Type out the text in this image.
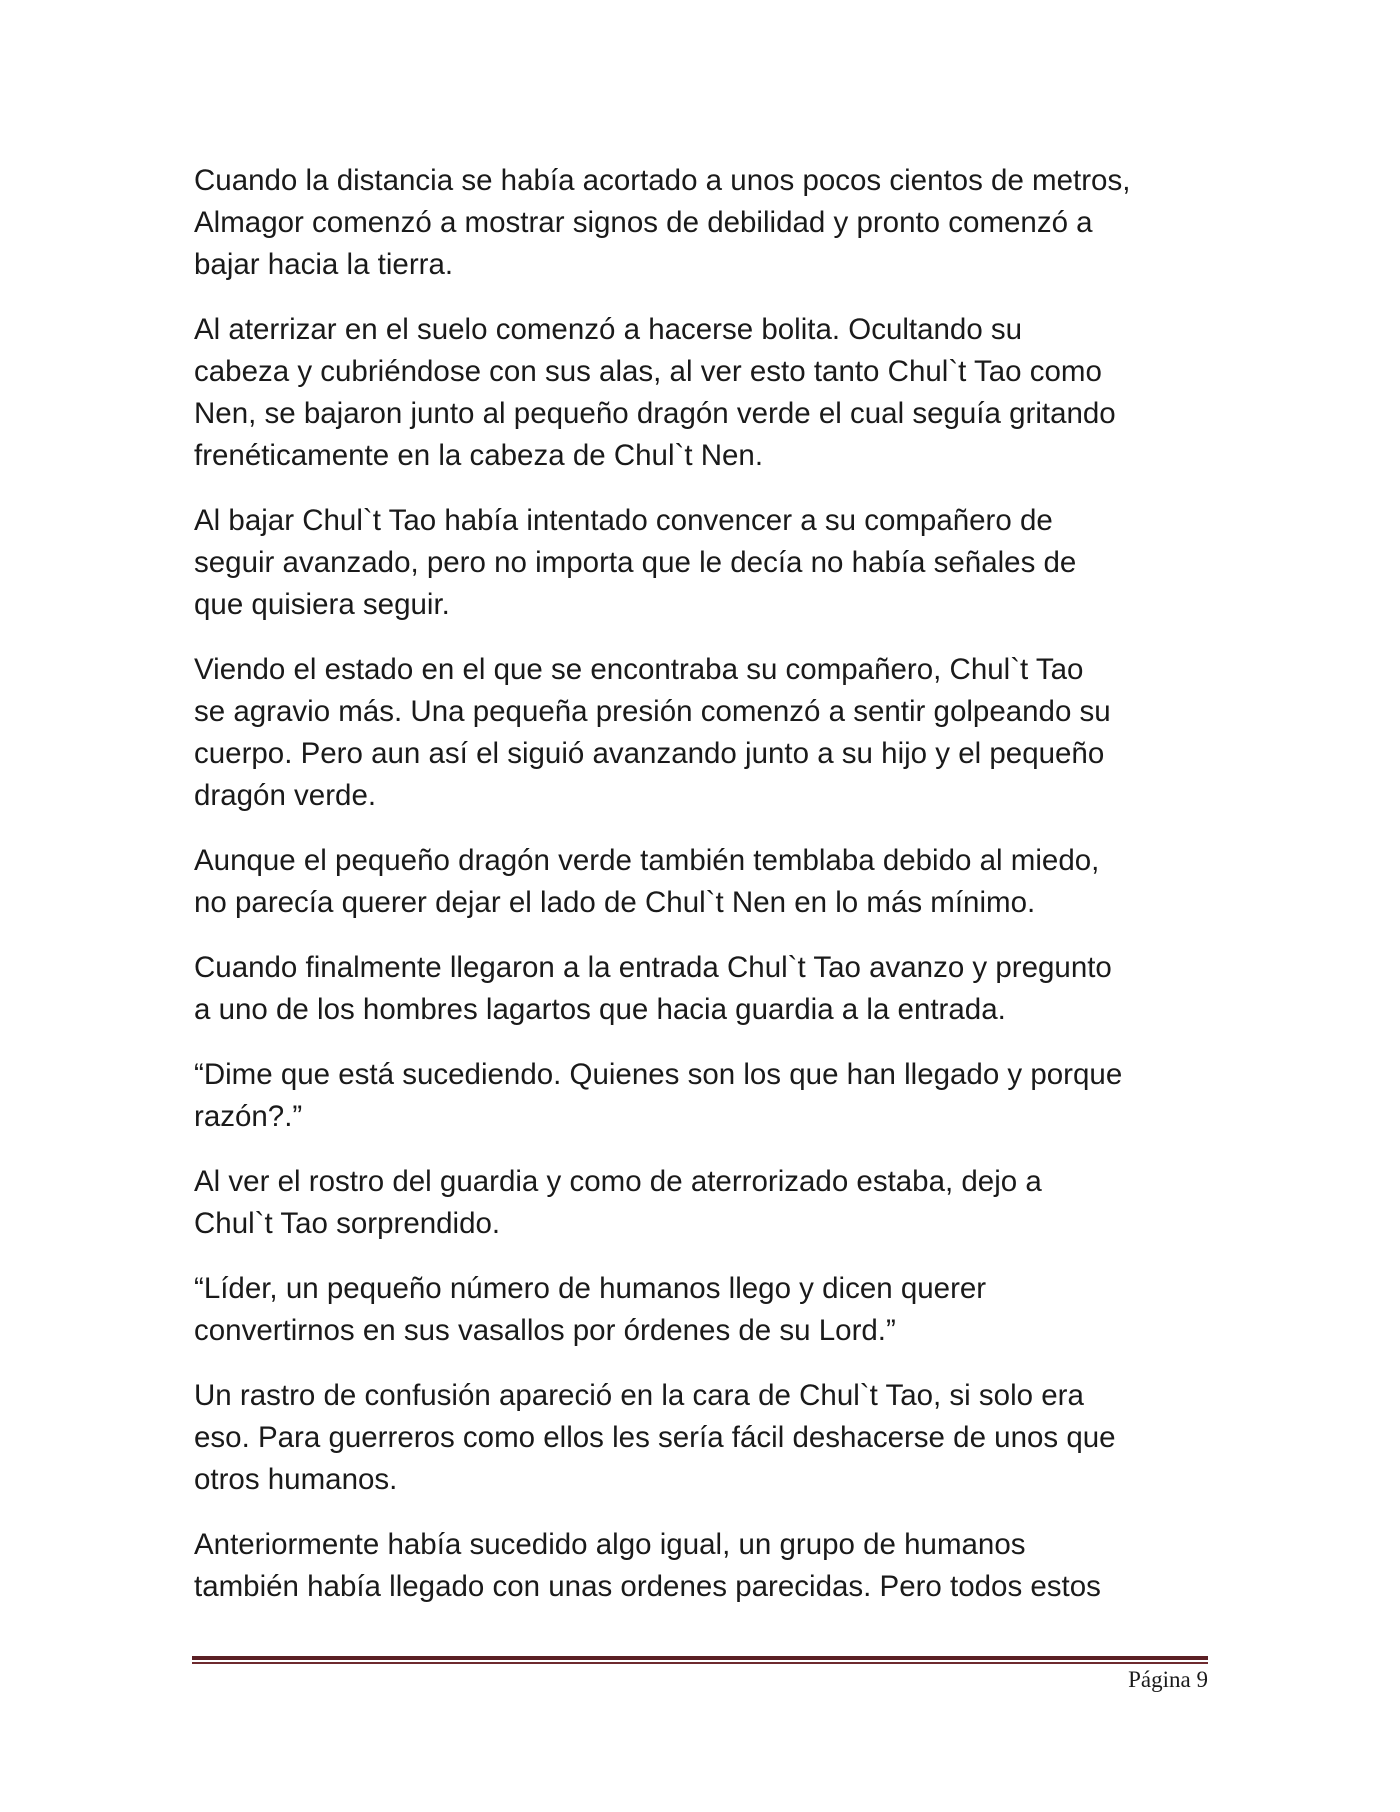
Cuando la distancia se había acortado a unos pocos cientos de metros,
Almagor comenzó a mostrar signos de debilidad y pronto comenzó a
bajar hacia la tierra.

Al aterrizar en el suelo comenzó a hacerse bolita. Ocultando su
cabeza y cubriéndose con sus alas, al ver esto tanto Chul`t Tao como
Nen, se bajaron junto al pequeño dragón verde el cual seguía gritando
frenéticamente en la cabeza de Chul`t Nen.

Al bajar Chul`t Tao había intentado convencer a su compañero de
seguir avanzado, pero no importa que le decía no había señales de
que quisiera seguir.

Viendo el estado en el que se encontraba su compañero, Chul`t Tao
se agravio más. Una pequeña presión comenzó a sentir golpeando su
cuerpo. Pero aun así el siguió avanzando junto a su hijo y el pequeño
dragón verde.

Aunque el pequeño dragón verde también temblaba debido al miedo,
no parecía querer dejar el lado de Chul`t Nen en lo más mínimo.

Cuando finalmente llegaron a la entrada Chul`t Tao avanzo y pregunto
a uno de los hombres lagartos que hacia guardia a la entrada.

“Dime que está sucediendo. Quienes son los que han llegado y porque
razón?.”

Al ver el rostro del guardia y como de aterrorizado estaba, dejo a
Chul`t Tao sorprendido.

“Líder, un pequeño número de humanos llego y dicen querer
convertirnos en sus vasallos por órdenes de su Lord.”

Un rastro de confusión apareció en la cara de Chul`t Tao, si solo era
eso. Para guerreros como ellos les sería fácil deshacerse de unos que
otros humanos.

Anteriormente había sucedido algo igual, un grupo de humanos
también había llegado con unas ordenes parecidas. Pero todos estos

Página 9
